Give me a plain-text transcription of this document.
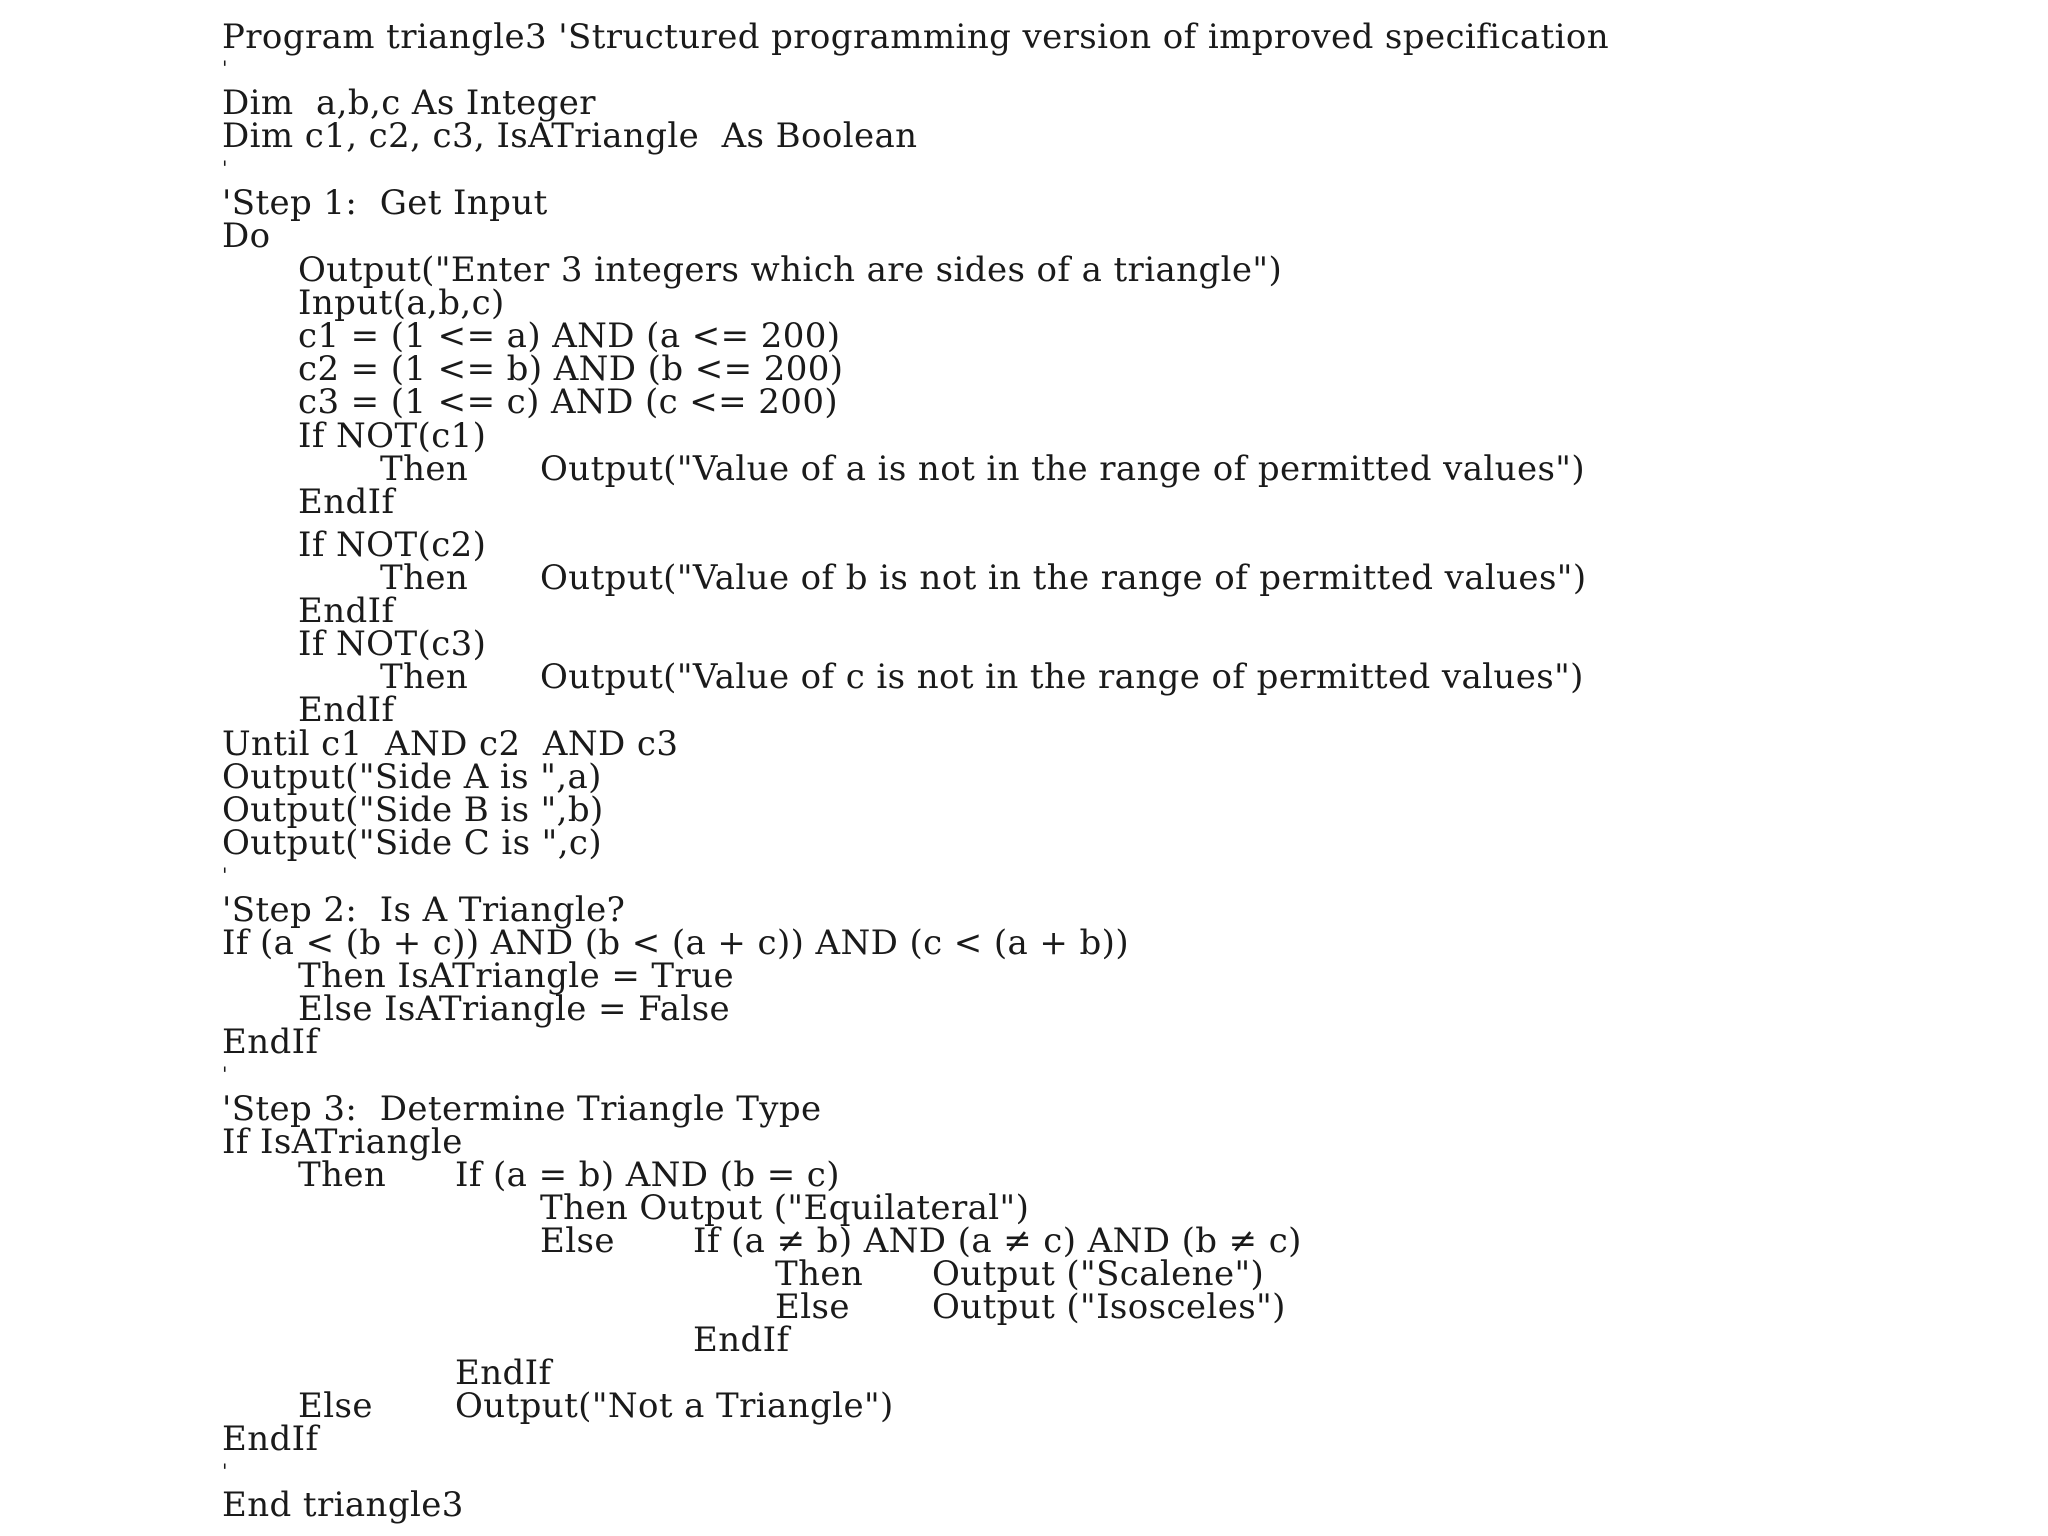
Program triangle3 'Structured programming version of improved specification
'
Dim  a,b,c As Integer
Dim c1, c2, c3, IsATriangle  As Boolean
'
'Step 1:  Get Input
Do
Output("Enter 3 integers which are sides of a triangle")
Input(a,b,c)
c1 = (1 <= a) AND (a <= 200)
c2 = (1 <= b) AND (b <= 200)
c3 = (1 <= c) AND (c <= 200)
If NOT(c1)
Then Output("Value of a is not in the range of permitted values")
EndIf
If NOT(c2)
Then Output("Value of b is not in the range of permitted values")
EndIf
If NOT(c3)
Then Output("Value of c is not in the range of permitted values")
EndIf
Until c1  AND c2  AND c3
Output("Side A is ",a)
Output("Side B is ",b)
Output("Side C is ",c)
'
'Step 2:  Is A Triangle?
If (a < (b + c)) AND (b < (a + c)) AND (c < (a + b))
Then IsATriangle = True
Else IsATriangle = False
EndIf
'
'Step 3:  Determine Triangle Type
If IsATriangle
Then If (a = b) AND (b = c)
Then Output ("Equilateral")
Else If (a ≠ b) AND (a ≠ c) AND (b ≠ c)
Then Output ("Scalene")
Else Output ("Isosceles")
EndIf
EndIf
Else Output("Not a Triangle")
EndIf
'
End triangle3
